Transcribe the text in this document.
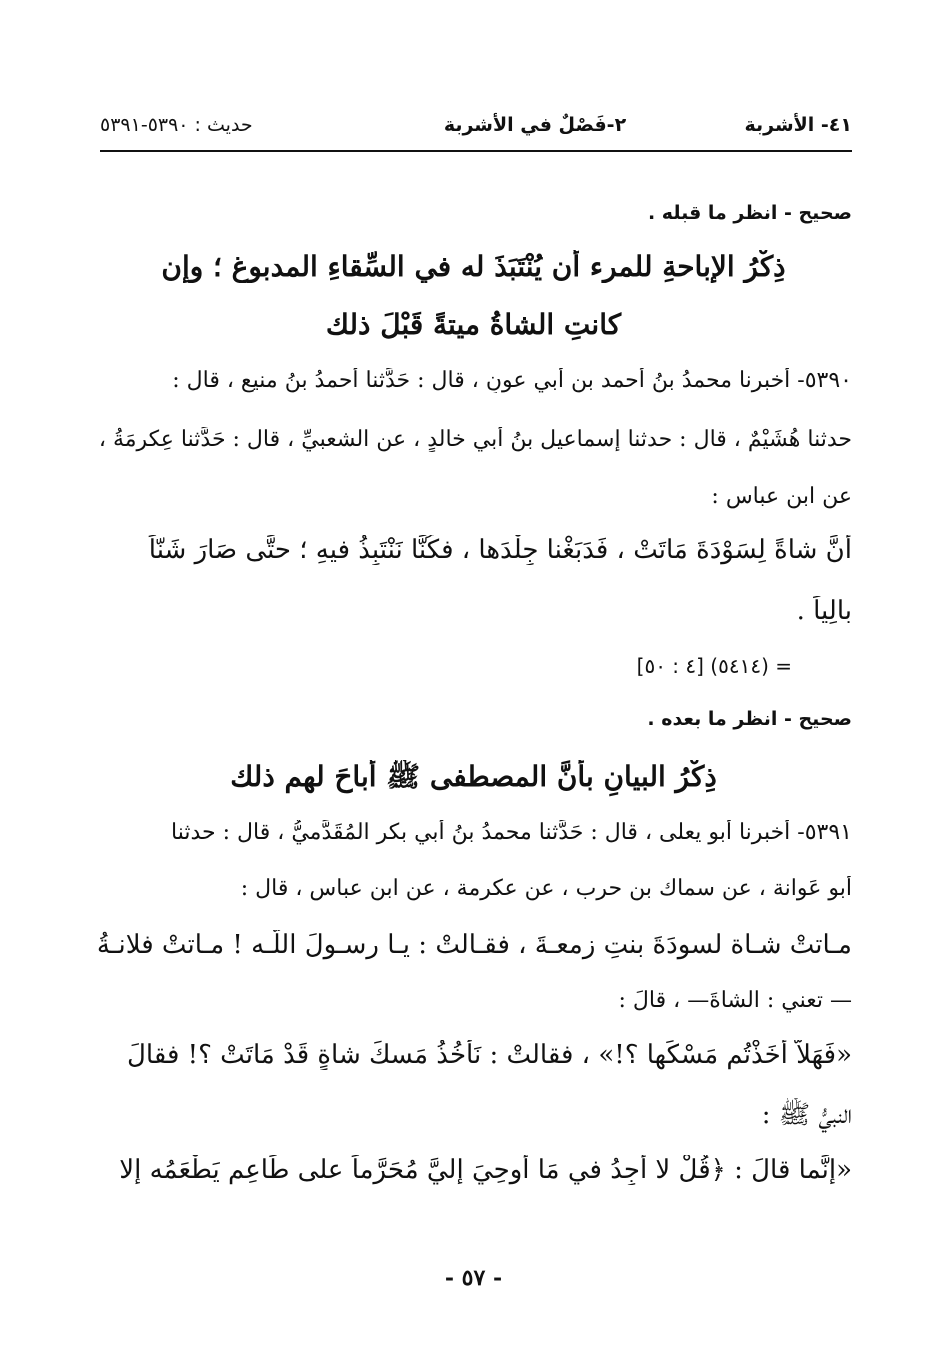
٤١- الأشربة
٢-فَصْلٌ في الأشربة
حديث : ٥٣٩٠-٥٣٩١
صحيح - انظر ما قبله .
ذِكْرُ الإباحةِ للمرء أن يُنْتَبَذَ له في السِّقاءِ المدبوغ ؛ وإن
كانتِ الشاةُ ميتةً قَبْلَ ذلك
٥٣٩٠- أخبرنا محمدُ بنُ أحمد بن أبي عونٍ ، قال : حَدَّثنا أحمدُ بنُ منيعٍ ، قال :
حدثنا هُشَيْمٌ ، قال : حدثنا إسماعيل بنُ أبي خالدٍ ، عن الشعبيِّ ، قال : حَدَّثنا عِكرمَةُ ،
عن ابنِ عباس :
أنَّ شاةً لِسَوْدَةَ مَاتَتْ ، فَدَبَغْنا جِلْدَها ، فكُنَّا نَنْتَبِذُ فيهِ ؛ حتَّى صَارَ شَنّاً
بالِياً .
= (٥٤١٤) [٤ : ٥٠]
صحيح - انظر ما بعده .
ذِكْرُ البيانِ بأنَّ المصطفى ﷺ أباحَ لهم ذلك
٥٣٩١- أخبرنا أبو يعلى ، قال : حَدَّثنا محمدُ بنُ أبي بكر المُقَدَّميُّ ، قال : حدثنا
أبو عَوانة ، عن سماك بن حرب ، عن عكرمة ، عن ابن عباس ، قال :
مـاتتْ شـاة لسودَةَ بنتِ زمعـةَ ، فقـالتْ : يـا رسـولَ اللّـه ! مـاتتْ فلانـةُ
— تعني : الشاةَ— ، قالَ :
«فَهَلاَّ أَخَذْتُم مَسْكَها ؟!» ، فقالتْ : نَأْخُذُ مَسكَ شاةٍ قَدْ مَاتَتْ ؟! فقالَ
النبيُّ ﷺ :
«إنَّما قالَ : ﴿قُلْ لا أَجِدُ في مَا أُوحِيَ إليَّ مُحَرَّماً على طَاعِمٍ يَطْعَمُه إلا
- ٥٧ -
